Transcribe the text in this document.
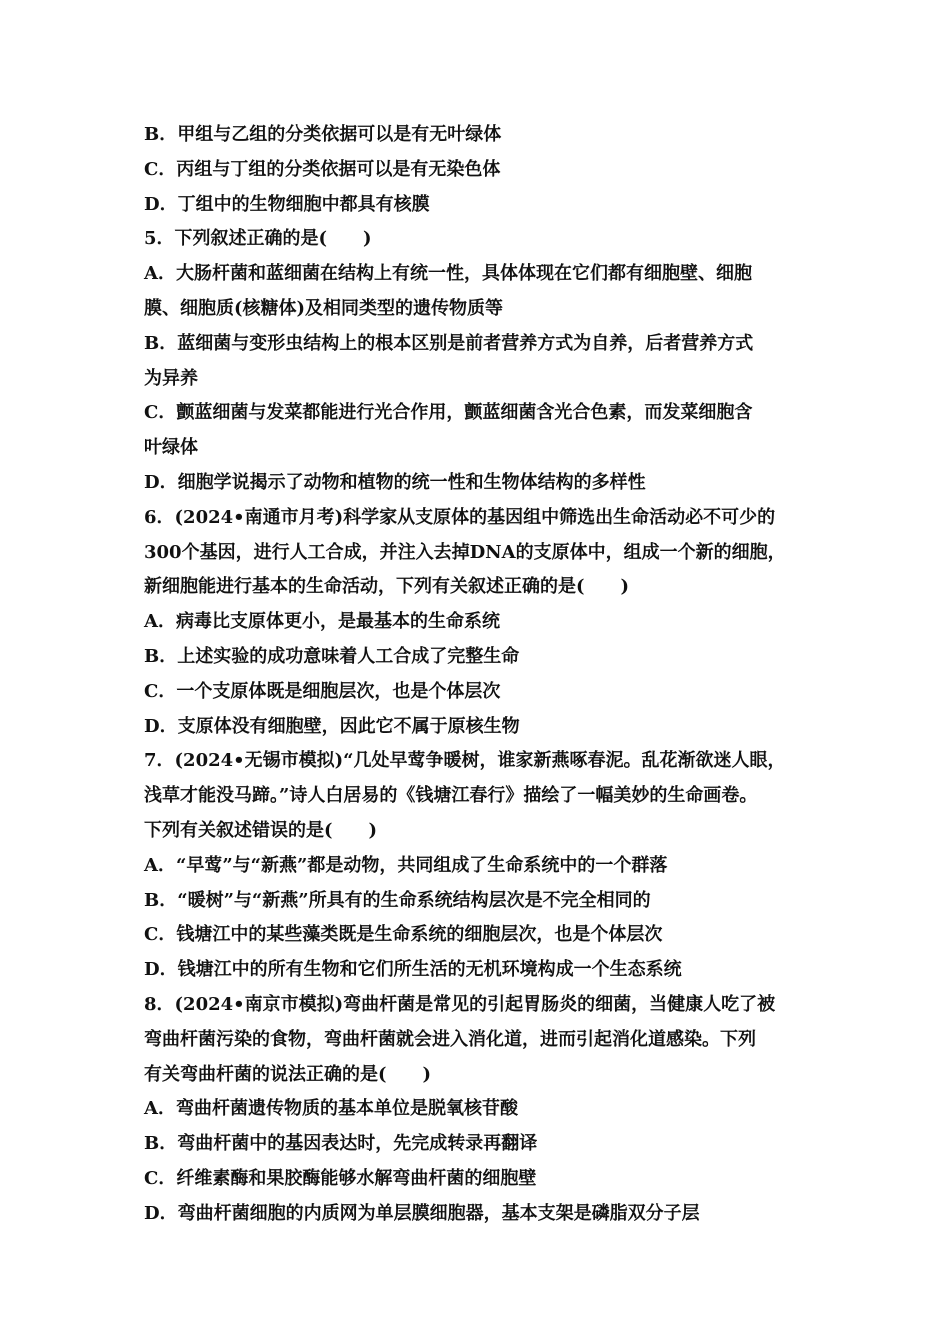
B．甲组与乙组的分类依据可以是有无叶绿体
C．丙组与丁组的分类依据可以是有无染色体
D．丁组中的生物细胞中都具有核膜
5．下列叙述正确的是(　　)
A．大肠杆菌和蓝细菌在结构上有统一性，具体体现在它们都有细胞壁、细胞
膜、细胞质(核糖体)及相同类型的遗传物质等
B．蓝细菌与变形虫结构上的根本区别是前者营养方式为自养，后者营养方式
为异养
C．颤蓝细菌与发菜都能进行光合作用，颤蓝细菌含光合色素，而发菜细胞含
叶绿体
D．细胞学说揭示了动物和植物的统一性和生物体结构的多样性
6．(2024•南通市月考)科学家从支原体的基因组中筛选出生命活动必不可少的
300个基因，进行人工合成，并注入去掉DNA的支原体中，组成一个新的细胞，
新细胞能进行基本的生命活动，下列有关叙述正确的是(　　)
A．病毒比支原体更小，是最基本的生命系统
B．上述实验的成功意味着人工合成了完整生命
C．一个支原体既是细胞层次，也是个体层次
D．支原体没有细胞壁，因此它不属于原核生物
7．(2024•无锡市模拟)“几处早莺争暖树，谁家新燕啄春泥。乱花渐欲迷人眼，
浅草才能没马蹄。”诗人白居易的《钱塘江春行》描绘了一幅美妙的生命画卷。
下列有关叙述错误的是(　　)
A．“早莺”与“新燕”都是动物，共同组成了生命系统中的一个群落
B．“暖树”与“新燕”所具有的生命系统结构层次是不完全相同的
C．钱塘江中的某些藻类既是生命系统的细胞层次，也是个体层次
D．钱塘江中的所有生物和它们所生活的无机环境构成一个生态系统
8．(2024•南京市模拟)弯曲杆菌是常见的引起胃肠炎的细菌，当健康人吃了被
弯曲杆菌污染的食物，弯曲杆菌就会进入消化道，进而引起消化道感染。下列
有关弯曲杆菌的说法正确的是(　　)
A．弯曲杆菌遗传物质的基本单位是脱氧核苷酸
B．弯曲杆菌中的基因表达时，先完成转录再翻译
C．纤维素酶和果胶酶能够水解弯曲杆菌的细胞壁
D．弯曲杆菌细胞的内质网为单层膜细胞器，基本支架是磷脂双分子层
